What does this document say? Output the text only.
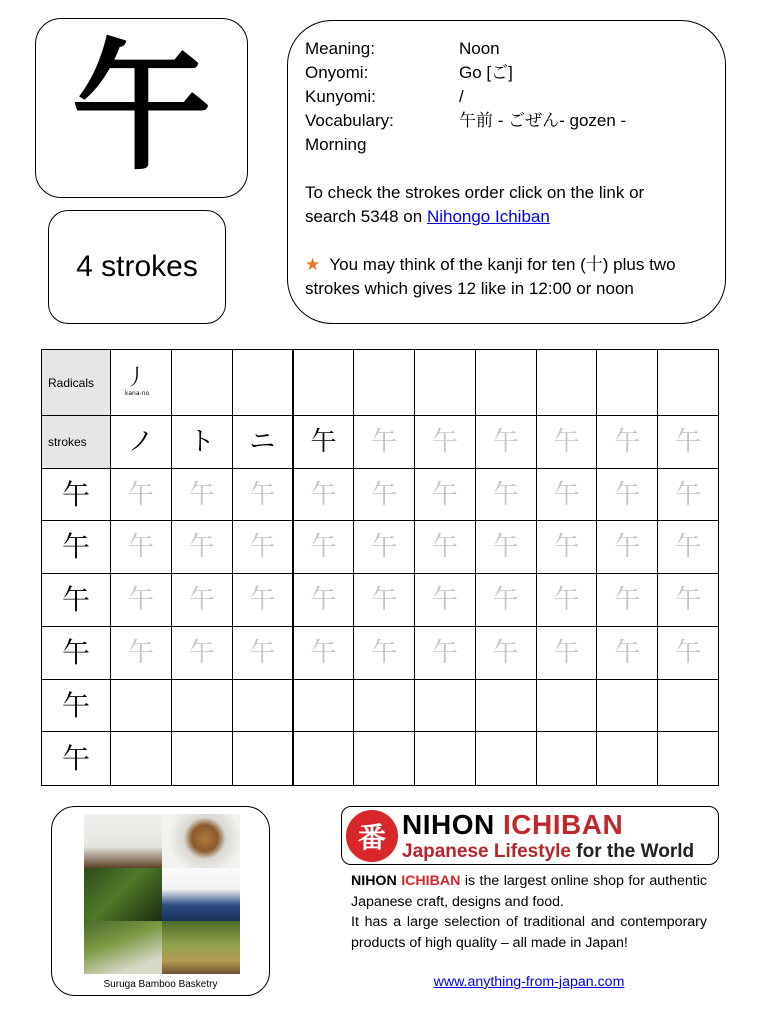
午
4 strokes
Meaning:	Noon
Onyomi:	Go [ご]
Kunyomi:	/
Vocabulary:	午前 - ごぜん- gozen -
Morning
To check the strokes order click on the link or
search 5348 on Nihongo Ichiban
★ You may think of the kanji for ten (十) plus two strokes which gives 12 like in 12:00 or noon
Radicals	丿
kana-no									

strokes	ノ	ト	ニ	午	午	午	午	午	午	午
午	午	午	午	午	午	午	午	午	午	午
午	午	午	午	午	午	午	午	午	午	午
午	午	午	午	午	午	午	午	午	午	午
午	午	午	午	午	午	午	午	午	午	午
午										
午										
Suruga Bamboo Basketry
番 NIHON ICHIBAN
Japanese Lifestyle for the World
NIHON ICHIBAN is the largest online shop for authentic Japanese craft, designs and food.
It has a large selection of traditional and contemporary products of high quality – all made in Japan!
www.anything-from-japan.com
